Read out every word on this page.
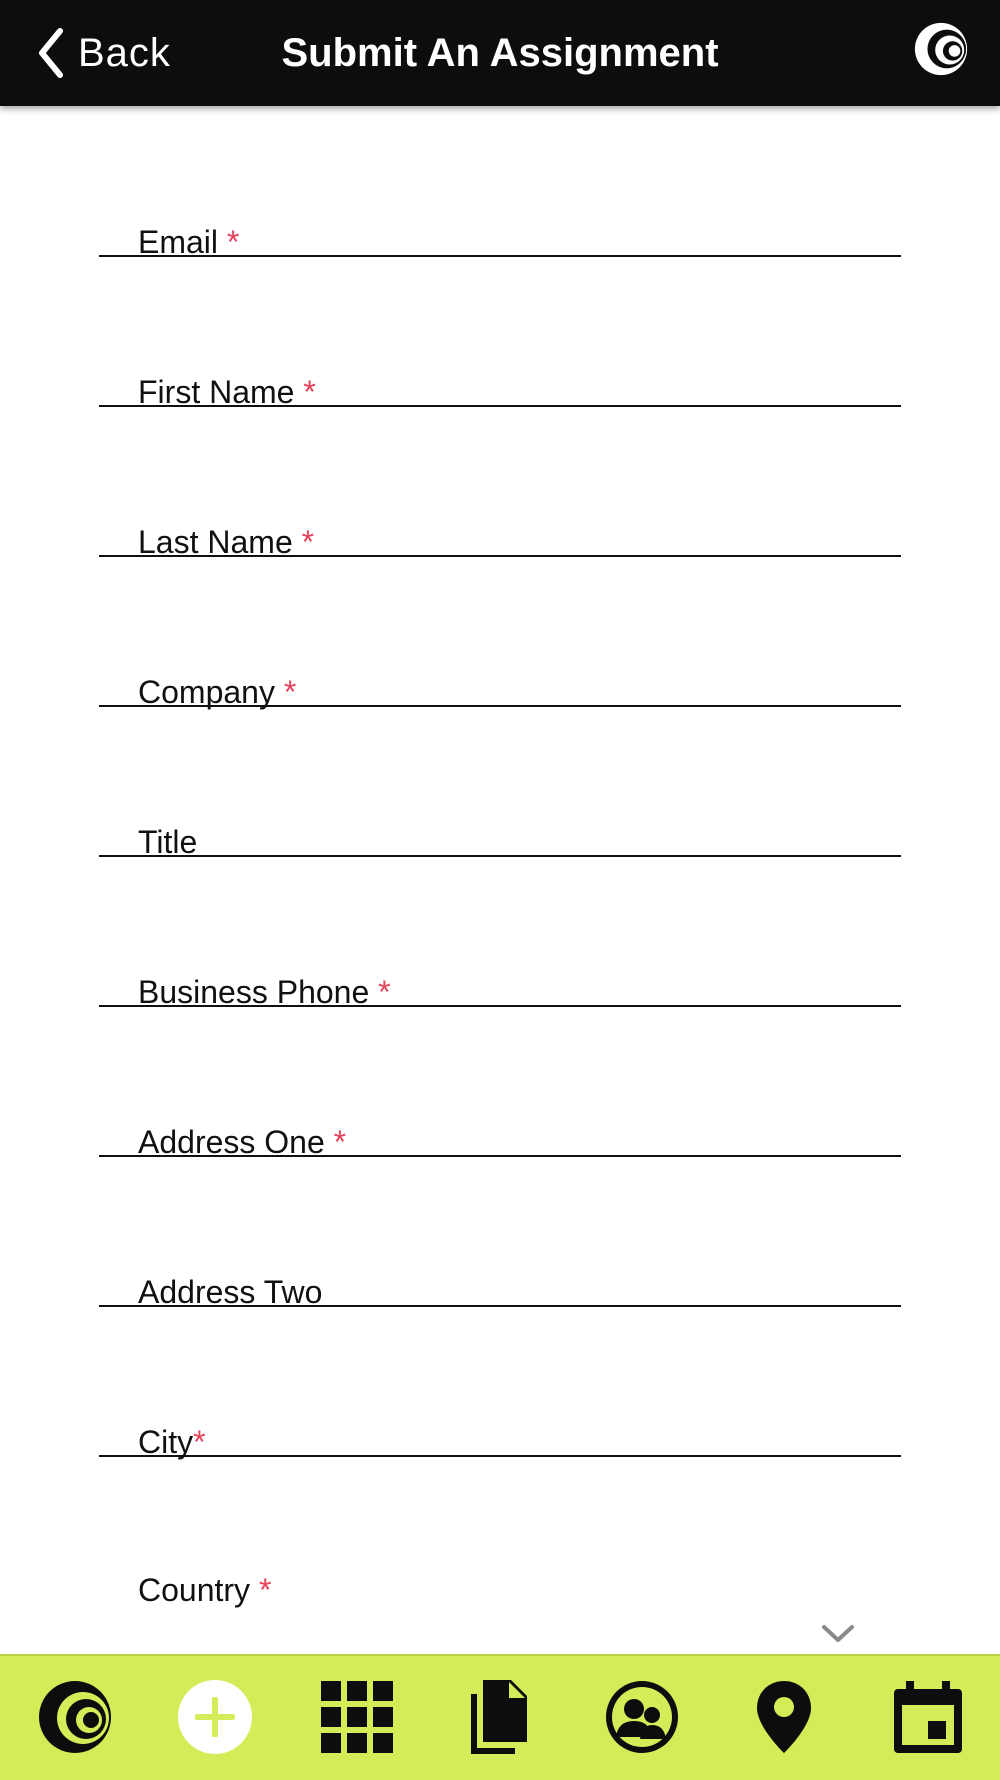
Back	Submit An Assignment
Email *
First Name *
Last Name *
Company *
Title
Business Phone *
Address One *
Address Two
City*
Country *
